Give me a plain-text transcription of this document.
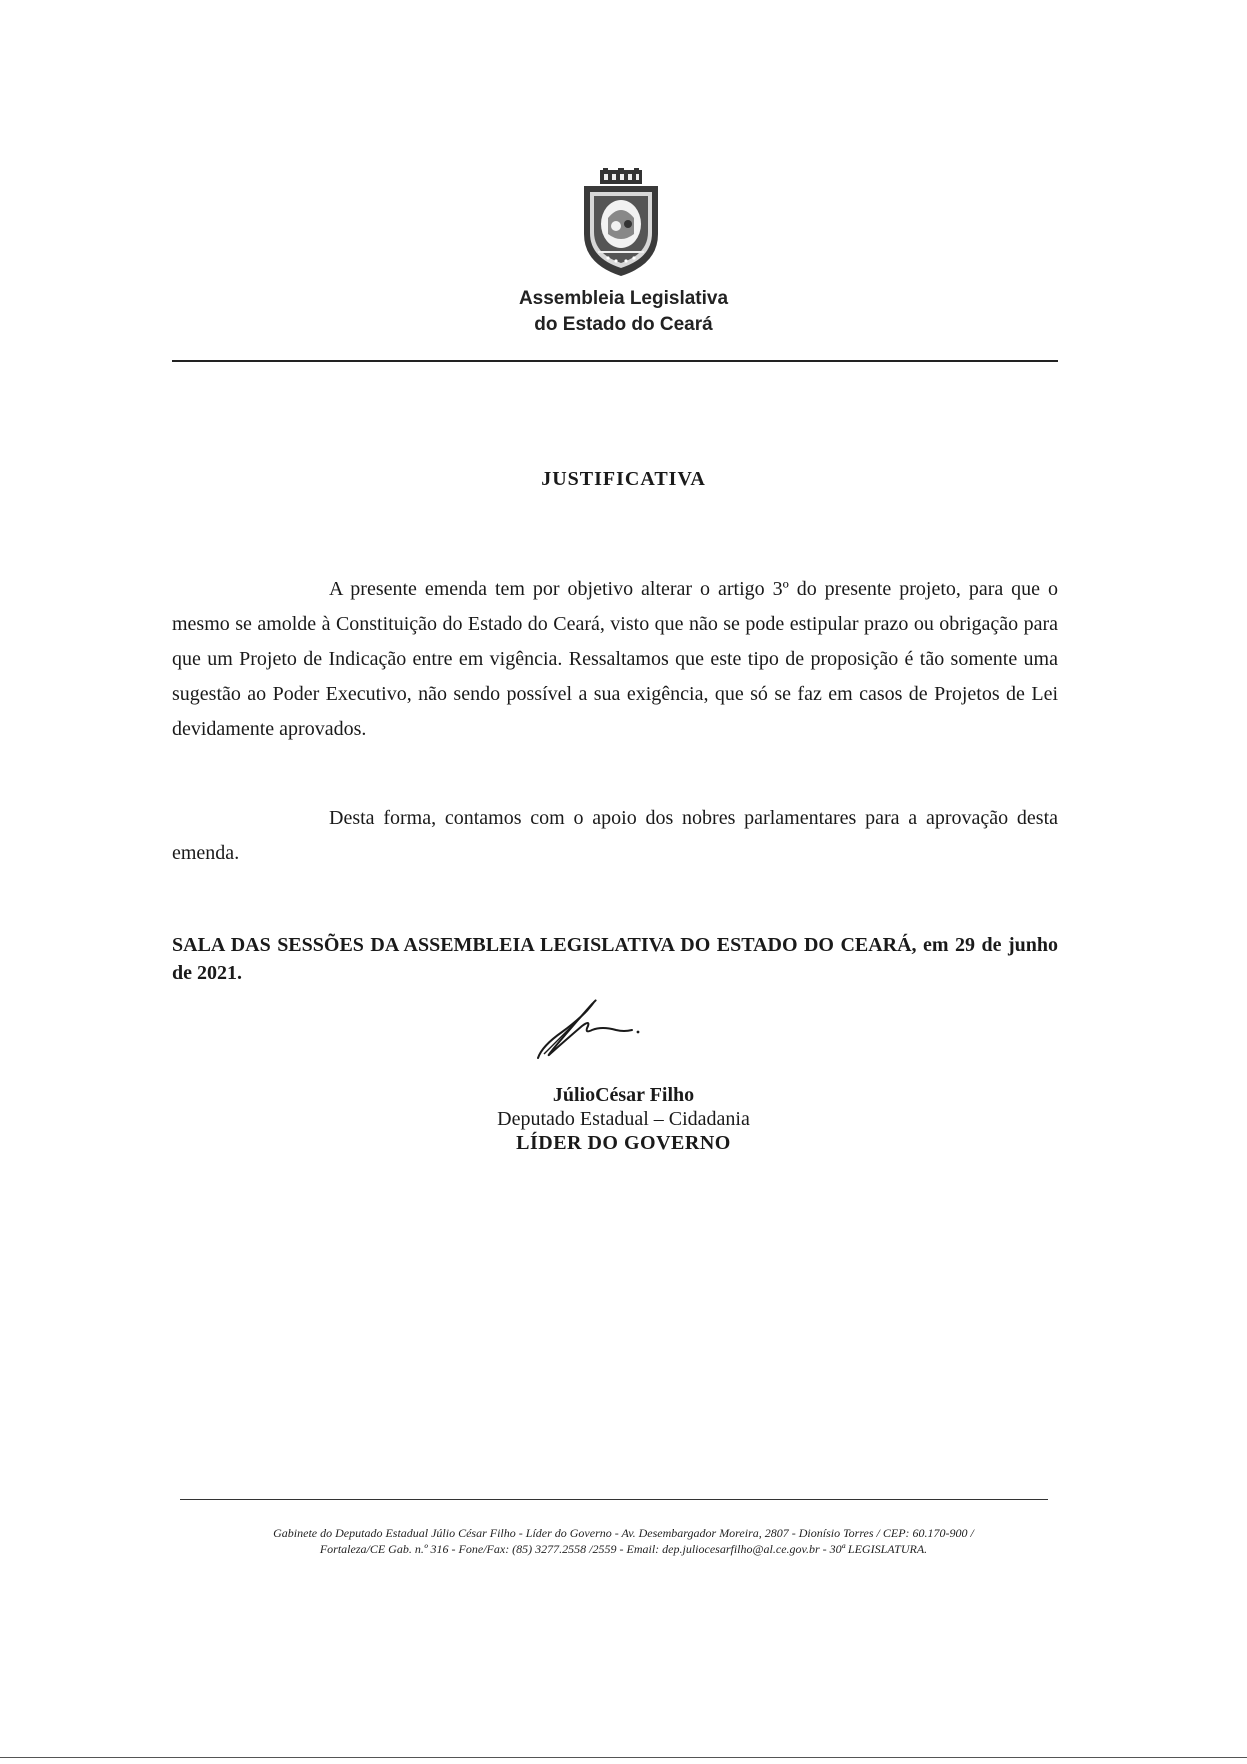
Assembleia Legislativa
do Estado do Ceará
JUSTIFICATIVA

A presente emenda tem por objetivo alterar o artigo 3º do presente projeto, para que o mesmo se amolde à Constituição do Estado do Ceará, visto que não se pode estipular prazo ou obrigação para que um Projeto de Indicação entre em vigência. Ressaltamos que este tipo de proposição é tão somente uma sugestão ao Poder Executivo, não sendo possível a sua exigência, que só se faz em casos de Projetos de Lei devidamente aprovados.

Desta forma, contamos com o apoio dos nobres parlamentares para a aprovação desta emenda.

SALA DAS SESSÕES DA ASSEMBLEIA LEGISLATIVA DO ESTADO DO CEARÁ, em 29 de junho de 2021.
JúlioCésar Filho
Deputado Estadual – Cidadania
LÍDER DO GOVERNO
Gabinete do Deputado Estadual Júlio César Filho - Líder do Governo - Av. Desembargador Moreira, 2807 - Dionísio Torres / CEP: 60.170-900 /
Fortaleza/CE Gab. n.º 316 - Fone/Fax: (85) 3277.2558 /2559 - Email: dep.juliocesarfilho@al.ce.gov.br - 30ª LEGISLATURA.
